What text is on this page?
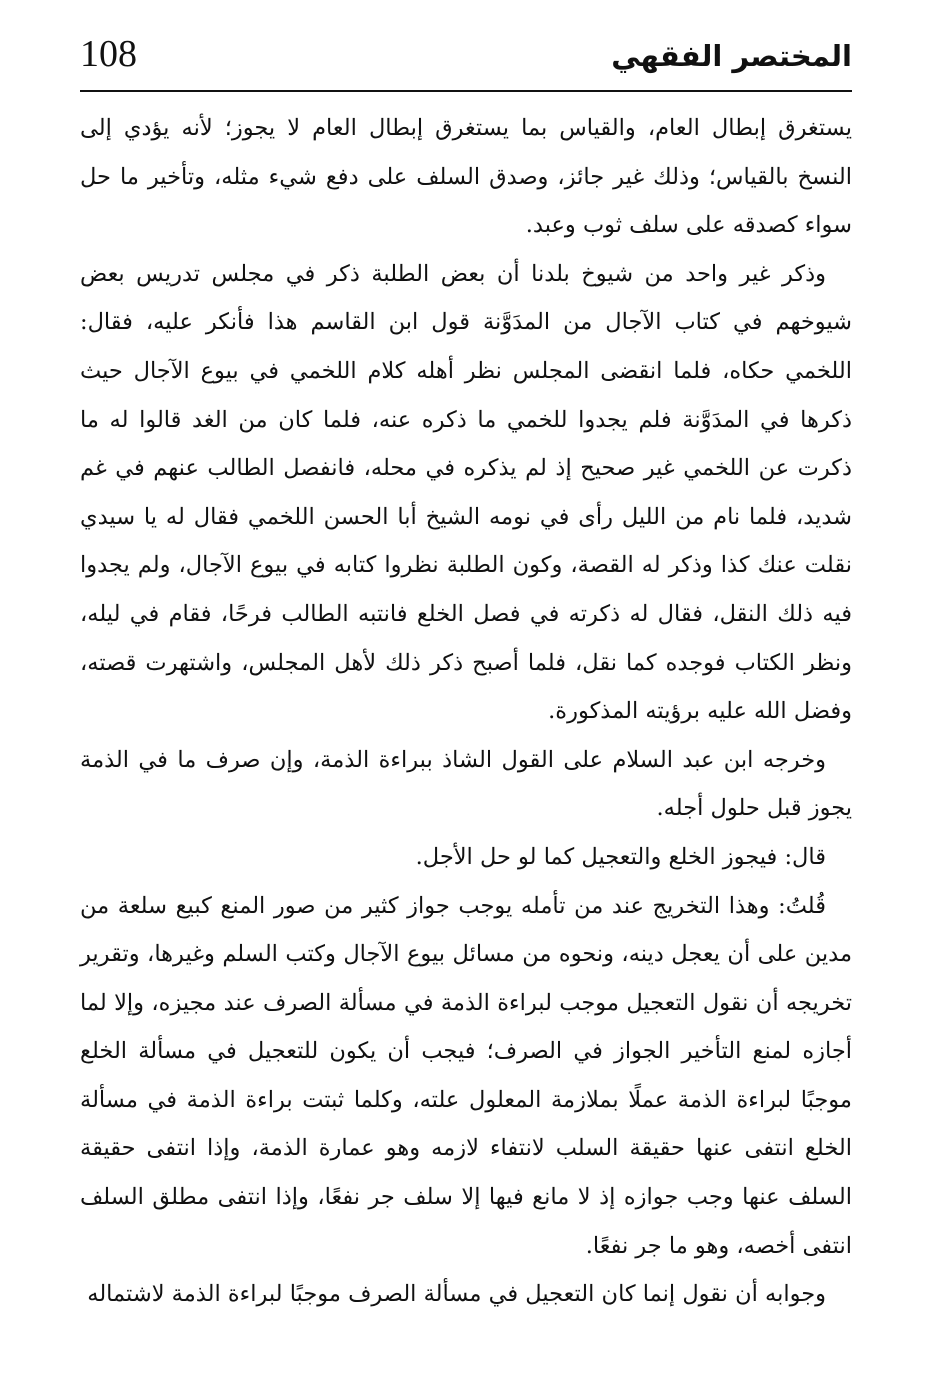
المختصر الفقهي
108

يستغرق إبطال العام، والقياس بما يستغرق إبطال العام لا يجوز؛ لأنه يؤدي إلى النسخ بالقياس؛ وذلك غير جائز، وصدق السلف على دفع شيء مثله، وتأخير ما حل سواء كصدقه على سلف ثوب وعبد.

وذكر غير واحد من شيوخ بلدنا أن بعض الطلبة ذكر في مجلس تدريس بعض شيوخهم في كتاب الآجال من المدَوَّنة قول ابن القاسم هذا فأنكر عليه، فقال: اللخمي حكاه، فلما انقضى المجلس نظر أهله كلام اللخمي في بيوع الآجال حيث ذكرها في المدَوَّنة فلم يجدوا للخمي ما ذكره عنه، فلما كان من الغد قالوا له ما ذكرت عن اللخمي غير صحيح إذ لم يذكره في محله، فانفصل الطالب عنهم في غم شديد، فلما نام من الليل رأى في نومه الشيخ أبا الحسن اللخمي فقال له يا سيدي نقلت عنك كذا وذكر له القصة، وكون الطلبة نظروا كتابه في بيوع الآجال، ولم يجدوا فيه ذلك النقل، فقال له ذكرته في فصل الخلع فانتبه الطالب فرحًا، فقام في ليله، ونظر الكتاب فوجده كما نقل، فلما أصبح ذكر ذلك لأهل المجلس، واشتهرت قصته، وفضل الله عليه برؤيته المذكورة.

وخرجه ابن عبد السلام على القول الشاذ ببراءة الذمة، وإن صرف ما في الذمة يجوز قبل حلول أجله.

قال: فيجوز الخلع والتعجيل كما لو حل الأجل.

قُلتُ: وهذا التخريج عند من تأمله يوجب جواز كثير من صور المنع كبيع سلعة من مدين على أن يعجل دينه، ونحوه من مسائل بيوع الآجال وكتب السلم وغيرها، وتقرير تخريجه أن نقول التعجيل موجب لبراءة الذمة في مسألة الصرف عند مجيزه، وإلا لما أجازه لمنع التأخير الجواز في الصرف؛ فيجب أن يكون للتعجيل في مسألة الخلع موجبًا لبراءة الذمة عملًا بملازمة المعلول علته، وكلما ثبتت براءة الذمة في مسألة الخلع انتفى عنها حقيقة السلب لانتفاء لازمه وهو عمارة الذمة، وإذا انتفى حقيقة السلف عنها وجب جوازه إذ لا مانع فيها إلا سلف جر نفعًا، وإذا انتفى مطلق السلف انتفى أخصه، وهو ما جر نفعًا.

وجوابه أن نقول إنما كان التعجيل في مسألة الصرف موجبًا لبراءة الذمة لاشتماله
